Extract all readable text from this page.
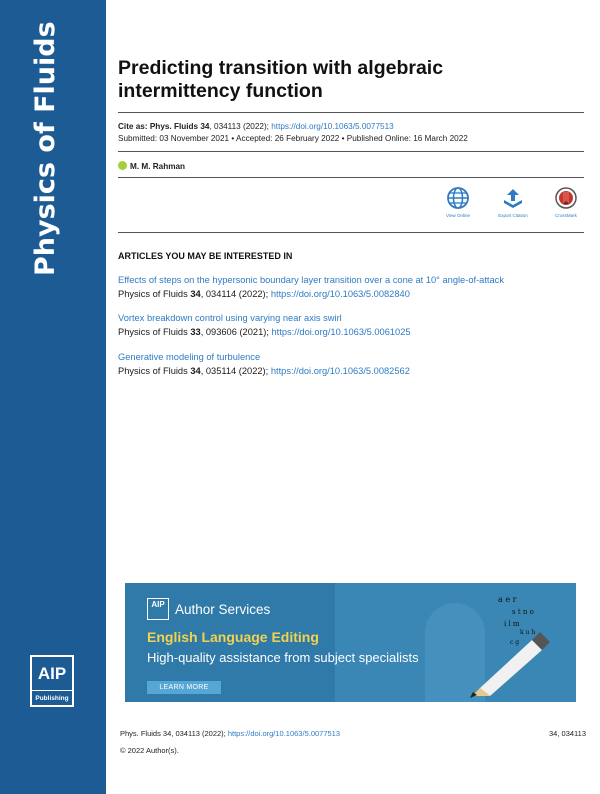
Physics of Fluids
AIP
Publishing
Predicting transition with algebraic
intermittency function
Cite as: Phys. Fluids 34, 034113 (2022); https://doi.org/10.1063/5.0077513
Submitted: 03 November 2021 • Accepted: 26 February 2022 • Published Online: 16 March 2022
M. M. Rahman
View Online	Export Citation	CrossMark
ARTICLES YOU MAY BE INTERESTED IN
Effects of steps on the hypersonic boundary layer transition over a cone at 10° angle-of-attack
Physics of Fluids 34, 034114 (2022); https://doi.org/10.1063/5.0082840
Vortex breakdown control using varying near axis swirl
Physics of Fluids 33, 093606 (2021); https://doi.org/10.1063/5.0061025
Generative modeling of turbulence
Physics of Fluids 34, 035114 (2022); https://doi.org/10.1063/5.0082562
AIP Author Services
English Language Editing
High-quality assistance from subject specialists
LEARN MORE
a e r
s t n o
i l m
k u h
c g
Phys. Fluids 34, 034113 (2022); https://doi.org/10.1063/5.0077513	34, 034113
© 2022 Author(s).
